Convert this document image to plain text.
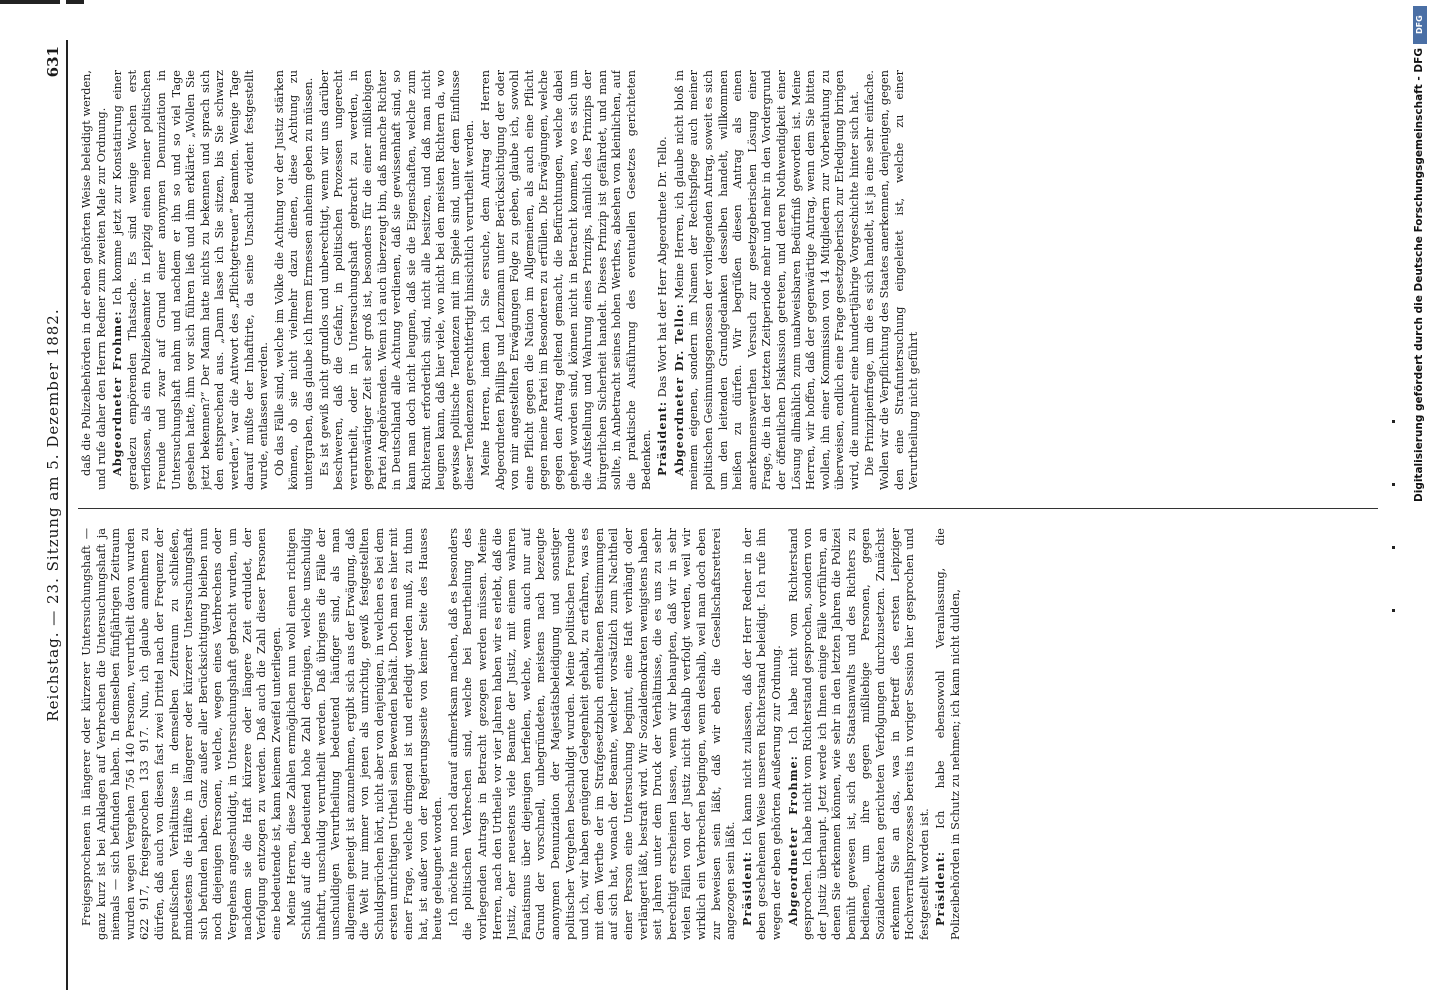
Reichstag. — 23. Sitzung am 5. Dezember 1882.
631

Freigesprochenen in längerer oder kürzerer Untersuchungshaft — ganz kurz ist bei Anklagen auf Verbrechen die Untersuchungshaft ja niemals — sich befunden haben. In demselben fünfjährigen Zeitraum wurden wegen Vergehen 756 140 Personen, verurtheilt davon wurden 622 917, freigesprochen 133 917. Nun, ich glaube annehmen zu dürfen, daß auch von diesen fast zwei Drittel nach der Frequenz der preußischen Verhältnisse in demselben Zeitraum zu schließen, mindestens die Hälfte in längerer oder kürzerer Untersuchungshaft sich befunden haben. Ganz außer aller Berücksichtigung bleiben nun noch diejenigen Personen, welche, wegen eines Verbrechens oder Vergehens angeschuldigt, in Untersuchungshaft gebracht wurden, um nachdem sie die Haft kürzere oder längere Zeit erduldet, der Verfolgung entzogen zu werden. Daß auch die Zahl dieser Personen eine bedeutende ist, kann keinem Zweifel unterliegen. Meine Herren, diese Zahlen ermöglichen nun wohl einen richtigen Schluß auf die bedeutend hohe Zahl derjenigen, welche unschuldig inhaftirt, unschuldig verurtheilt werden. Daß übrigens die Fälle der unschuldigen Verurtheilung bedeutend häufiger sind, als man allgemein geneigt ist anzunehmen, ergibt sich aus der Erwägung, daß die Welt nur immer von jenen als unrichtig, gewiß festgestellten Schuldsprüchen hört, nicht aber von denjenigen, in welchen es bei dem ersten unrichtigen Urtheil sein Bewenden behält. Doch man es hier mit einer Frage, welche dringend ist und erledigt werden muß, zu thun hat, ist außer von der Regierungsseite von keiner Seite des Hauses heute geleugnet worden. Ich möchte nun noch darauf aufmerksam machen, daß es besonders die politischen Verbrechen sind, welche bei Beurtheilung des vorliegenden Antrags in Betracht gezogen werden müssen. Meine Herren, nach den Urtheile vor vier Jahren haben wir es erlebt, daß die Justiz, eher neuestens viele Beamte der Justiz, mit einem wahren Fanatismus über diejenigen herfielen, welche, wenn auch nur auf Grund der vorschnell, unbegründeten, meistens nach bezeugte anonymen Denunziation der Majestätsbeleidigung und sonstiger politischer Vergehen beschuldigt wurden. Meine politischen Freunde und ich, wir haben genügend Gelegenheit gehabt, zu erfahren, was es mit dem Werthe der im Strafgesetzbuch enthaltenen Bestimmungen auf sich hat, wonach der Beamte, welcher vorsätzlich zum Nachtheil einer Person eine Untersuchung beginnt, eine Haft verhängt oder verlängert läßt, bestraft wird. Wir Sozialdemokraten wenigstens haben seit Jahren unter dem Druck der Verhältnisse, die es uns zu sehr berechtigt erscheinen lassen, wenn wir behaupten, daß wir in sehr vielen Fällen von der Justiz nicht deshalb verfolgt werden, weil wir wirklich ein Verbrechen begingen, wenn deshalb, weil man doch eben zur beweisen sein läßt, daß wir eben die Gesellschaftsretterei angezogen sein läßt. Präsident: Ich kann nicht zulassen, daß der Herr Redner in der eben geschehenen Weise unseren Richterstand beleidigt. Ich rufe ihn wegen der eben gehörten Aeußerung zur Ordnung. Abgeordneter Frohme: Ich habe nicht vom Richterstand gesprochen. Ich habe nicht vom Richterstand gesprochen, sondern von der Justiz überhaupt. Jetzt werde ich Ihnen einige Fälle vorführen, an denen Sie erkennen können, wie sehr in den letzten Jahren die Polizei bemüht gewesen ist, sich des Staatsanwalts und des Richters zu bedienen, um ihre gegen mißliebige Personen, gegen Sozialdemokraten gerichteten Verfolgungen durchzusetzen. Zunächst erkennen Sie an das, was in Betreff des ersten Leipziger Hochverrathsprozesses bereits in voriger Session hier gesprochen und festgestellt worden ist. Präsident: Ich habe ebensowohl Veranlassung, die Polizeibehörden in Schutz zu nehmen; ich kann nicht dulden,

daß die Polizeibehörden in der eben gehörten Weise beleidigt werden, und rufe daher den Herrn Redner zum zweiten Male zur Ordnung. Abgeordneter Frohme: Ich komme jetzt zur Konstatirung einer geradezu empörenden Thatsache. Es sind wenige Wochen erst verflossen, als ein Polizeibeamter in Leipzig einen meiner politischen Freunde und zwar auf Grund einer anonymen Denunziation in Untersuchungshaft nahm und nachdem er ihn so und so viel Tage gesehen hatte, ihm vor sich führen ließ und ihm erklärte: „Wollen Sie jetzt bekennen?“ Der Mann hatte nichts zu bekennen und sprach sich den entsprechend aus. „Dann lasse ich Sie sitzen, bis Sie schwarz werden“, war die Antwort des „Pflichtgetreuen“ Beamten. Wenige Tage darauf mußte der Inhaftirte, da seine Unschuld evident festgestellt wurde, entlassen werden. Ob das Fälle sind, welche im Volke die Achtung vor der Justiz stärken können, ob sie nicht vielmehr dazu dienen, diese Achtung zu untergraben, das glaube ich Ihrem Ermessen anheim geben zu müssen. Es ist gewiß nicht grundlos und unberechtigt, wenn wir uns darüber beschweren, daß die Gefahr, in politischen Prozessen ungerecht verurtheilt, oder in Untersuchungshaft gebracht zu werden, in gegenwärtiger Zeit sehr groß ist, besonders für die einer mißliebigen Partei Angehörenden. Wenn ich auch überzeugt bin, daß manche Richter in Deutschland alle Achtung verdienen, daß sie gewissenhaft sind, so kann man doch nicht leugnen, daß sie die Eigenschaften, welche zum Richteramt erforderlich sind, nicht alle besitzen, und daß man nicht leugnen kann, daß hier viele, wo nicht bei den meisten Richtern da, wo gewisse politische Tendenzen mit im Spiele sind, unter dem Einflusse dieser Tendenzen gerechtfertigt hinsichtlich verurtheilt werden. Meine Herren, indem ich Sie ersuche, dem Antrag der Herren Abgeordneten Phillips und Lenzmann unter Berücksichtigung der oder von mir angestellten Erwägungen Folge zu geben, glaube ich, sowohl eine Pflicht gegen die Nation im Allgemeinen, als auch eine Pflicht gegen meine Partei im Besonderen zu erfüllen. Die Erwägungen, welche gegen den Antrag geltend gemacht, die Befürchtungen, welche dabei gehegt worden sind, können nicht in Betracht kommen, wo es sich um die Aufstellung und Wahrung eines Prinzips, nämlich des Prinzips der bürgerlichen Sicherheit handelt. Dieses Prinzip ist gefährdet, und man sollte, in Anbetracht seines hohen Werthes, absehen von kleinlichen, auf die praktische Ausführung des eventuellen Gesetzes gerichteten Bedenken. Präsident: Das Wort hat der Herr Abgeordnete Dr. Tello. Abgeordneter Dr. Tello: Meine Herren, ich glaube nicht bloß in meinem eigenen, sondern im Namen der Rechtspflege auch meiner politischen Gesinnungsgenossen der vorliegenden Antrag, soweit es sich um den leitenden Grundgedanken desselben handelt, willkommen heißen zu dürfen. Wir begrüßen diesen Antrag als einen anerkennenswerthen Versuch zur gesetzgeberischen Lösung einer Frage, die in der letzten Zeitperiode mehr und mehr in den Vordergrund der öffentlichen Diskussion getreten, und deren Nothwendigkeit einer Lösung allmählich zum unabweisbaren Bedürfniß geworden ist. Meine Herren, wir hoffen, daß der gegenwärtige Antrag, wenn dem Sie bitten wollen, ihn einer Kommission von 14 Mitgliedern zur Vorberathung zu überweisen, endlich eine Frage gesetzgeberisch zur Erledigung bringen wird, die nunmehr eine hundertjährige Vorgeschichte hinter sich hat. Die Prinzipienfrage, um die es sich handelt, ist ja eine sehr einfache. Wollen wir die Verpflichtung des Staates anerkennen, denjenigen, gegen den eine Strafuntersuchung eingeleitet ist, welche zu einer Verurtheilung nicht geführt

DFG
Digitalisierung gefördert durch die Deutsche Forschungsgemeinschaft - DFG
